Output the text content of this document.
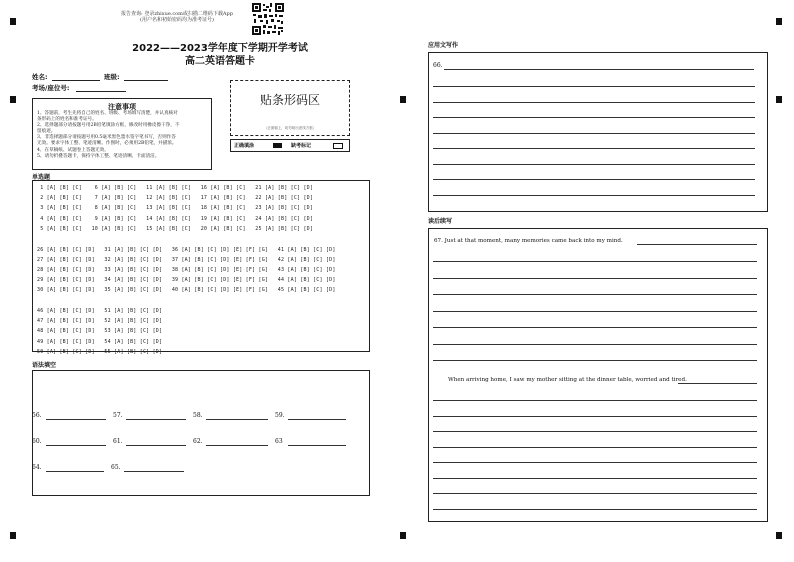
报告查询: 登录zhixue.com或扫描二维码下载App
(用户名和初始密码均为准考证号)
2022——2023学年度下学期开学考试
高二英语答题卡
姓名:	班级:
考场/座位号:
注意事项
1、答题前，考生先将自己的姓名、班级、考场填写清楚，并认真核对
条形码上的姓名和准考证号。
2、选择题部分请按题号用2B铅笔填涂方框，修改时用橡皮擦干净，不
留痕迹。
3、非选择题部分请按题号用0.5毫米黑色墨水签字笔书写，否则作答
无效。要求字体工整、笔迹清晰。作图时，必须用2B铅笔，并描浓。
4、在草稿纸、试题卷上答题无效。
5、请勿折叠答题卡，保持字体工整、笔迹清晰、卡面清洁。
贴条形码区
（正面朝上，切勿贴出虚线方框）
正确填涂	缺考标记
单选题
1 [A] [B] [C]    6 [A] [B] [C]   11 [A] [B] [C]   16 [A] [B] [C]   21 [A] [B] [C] [D]
2 [A] [B] [C]    7 [A] [B] [C]   12 [A] [B] [C]   17 [A] [B] [C]   22 [A] [B] [C] [D]
3 [A] [B] [C]    8 [A] [B] [C]   13 [A] [B] [C]   18 [A] [B] [C]   23 [A] [B] [C] [D]
4 [A] [B] [C]    9 [A] [B] [C]   14 [A] [B] [C]   19 [A] [B] [C]   24 [A] [B] [C] [D]
5 [A] [B] [C]   10 [A] [B] [C]   15 [A] [B] [C]   20 [A] [B] [C]   25 [A] [B] [C] [D]
26 [A] [B] [C] [D]   31 [A] [B] [C] [D]   36 [A] [B] [C] [D] [E] [F] [G]   41 [A] [B] [C] [D]
27 [A] [B] [C] [D]   32 [A] [B] [C] [D]   37 [A] [B] [C] [D] [E] [F] [G]   42 [A] [B] [C] [D]
28 [A] [B] [C] [D]   33 [A] [B] [C] [D]   38 [A] [B] [C] [D] [E] [F] [G]   43 [A] [B] [C] [D]
29 [A] [B] [C] [D]   34 [A] [B] [C] [D]   39 [A] [B] [C] [D] [E] [F] [G]   44 [A] [B] [C] [D]
30 [A] [B] [C] [D]   35 [A] [B] [C] [D]   40 [A] [B] [C] [D] [E] [F] [G]   45 [A] [B] [C] [D]
46 [A] [B] [C] [D]   51 [A] [B] [C] [D]
47 [A] [B] [C] [D]   52 [A] [B] [C] [D]
48 [A] [B] [C] [D]   53 [A] [B] [C] [D]
49 [A] [B] [C] [D]   54 [A] [B] [C] [D]
50 [A] [B] [C] [D]   55 [A] [B] [C] [D]
语法填空
56.	57.	58.	59.
60.	61.	62.	63
64.	65.
应用文写作
66.
读后续写
67. Just at that moment, many memories came back into my mind.
When arriving home, I saw my mother sitting at the dinner table, worried and tired.
